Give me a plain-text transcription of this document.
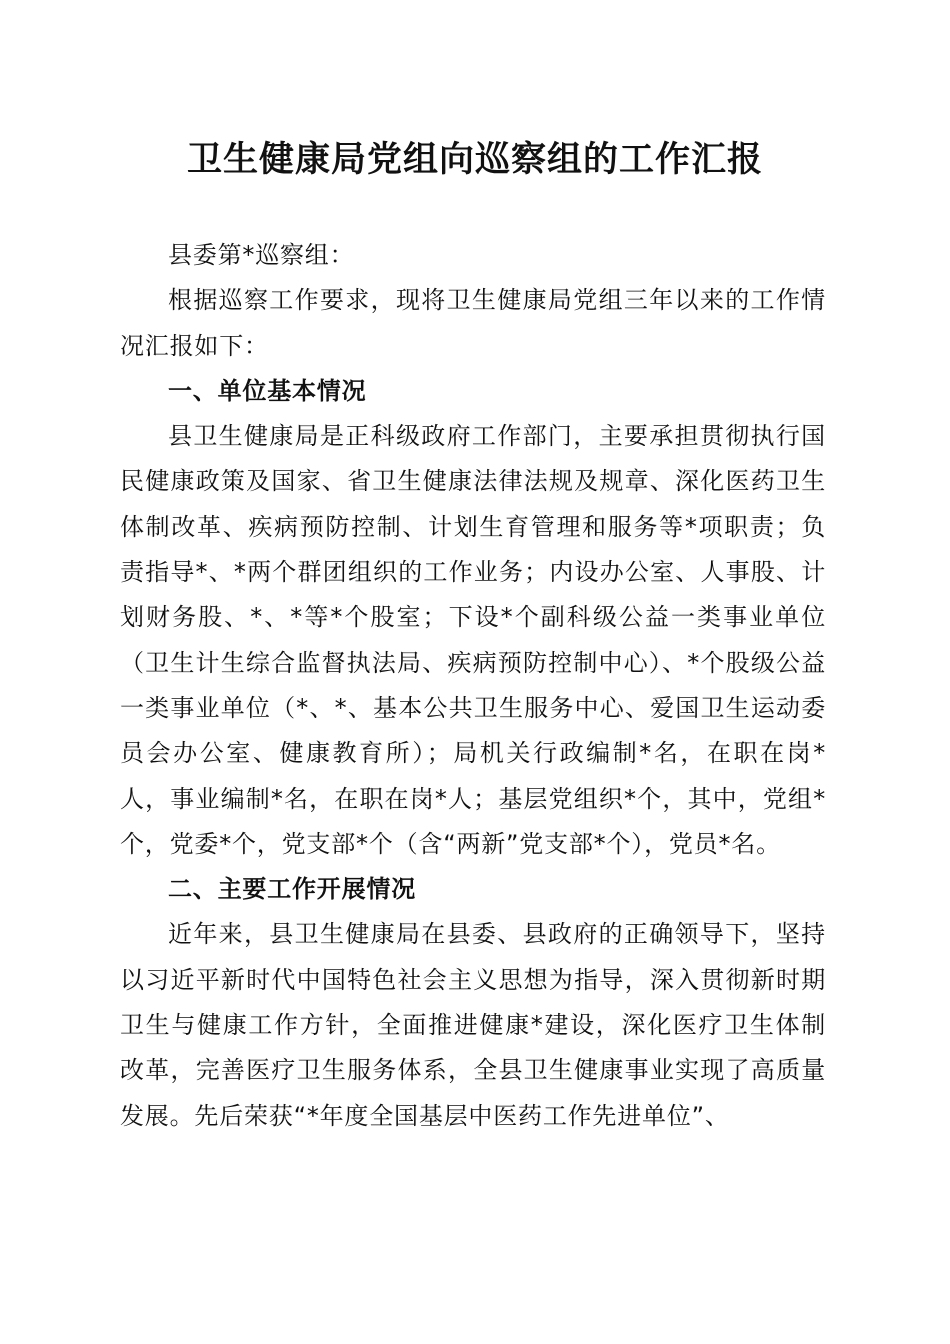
卫生健康局党组向巡察组的工作汇报

县委第*巡察组：

根据巡察工作要求，现将卫生健康局党组三年以来的工作情况汇报如下：

一、单位基本情况

县卫生健康局是正科级政府工作部门，主要承担贯彻执行国民健康政策及国家、省卫生健康法律法规及规章、深化医药卫生体制改革、疾病预防控制、计划生育管理和服务等*项职责；负责指导*、*两个群团组织的工作业务；内设办公室、人事股、计划财务股、*、*等*个股室；下设*个副科级公益一类事业单位（卫生计生综合监督执法局、疾病预防控制中心）、*个股级公益一类事业单位（*、*、基本公共卫生服务中心、爱国卫生运动委员会办公室、健康教育所）；局机关行政编制*名，在职在岗*人，事业编制*名，在职在岗*人；基层党组织*个，其中，党组*个，党委*个，党支部*个（含“两新”党支部*个），党员*名。

二、主要工作开展情况

近年来，县卫生健康局在县委、县政府的正确领导下，坚持以习近平新时代中国特色社会主义思想为指导，深入贯彻新时期卫生与健康工作方针，全面推进健康*建设，深化医疗卫生体制改革，完善医疗卫生服务体系，全县卫生健康事业实现了高质量发展。先后荣获“*年度全国基层中医药工作先进单位”、
